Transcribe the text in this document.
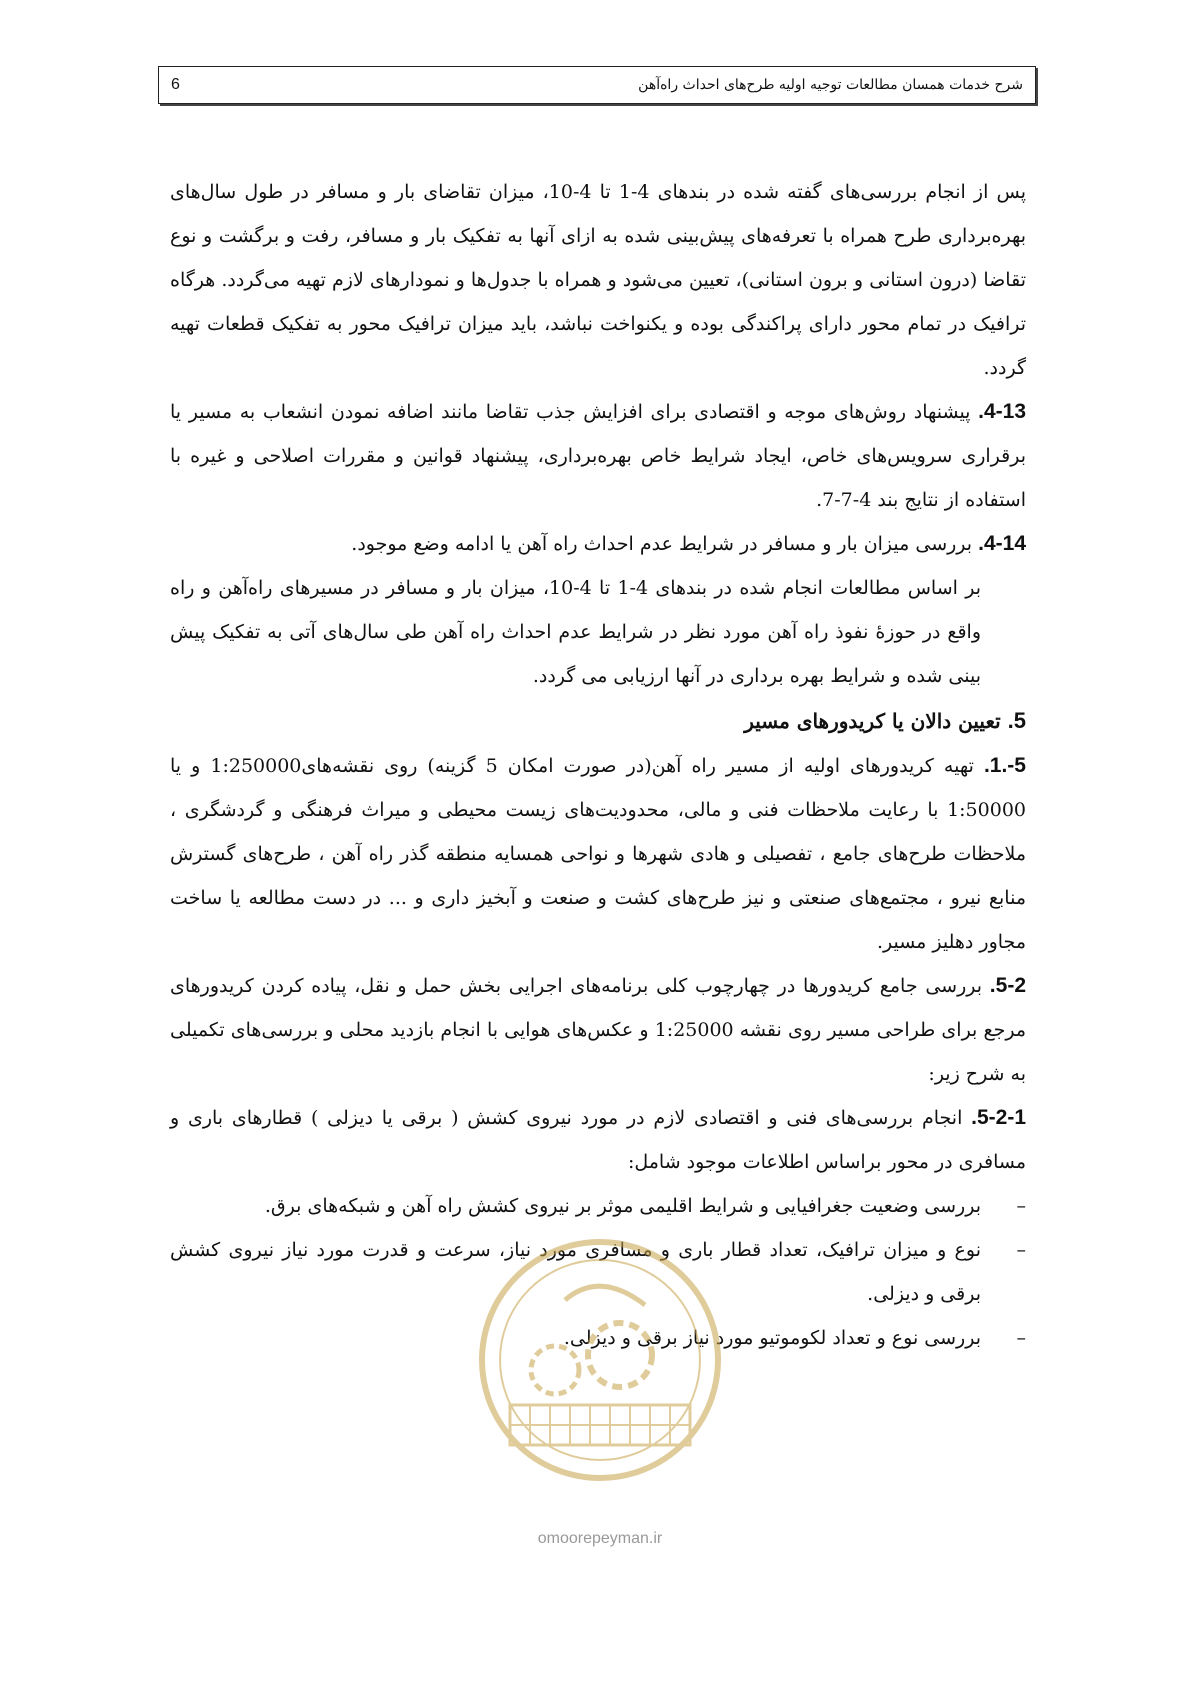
شرح خدمات همسان مطالعات توجیه اولیه طرح‌های احداث راه‌آهن
6

پس از انجام بررسی‌های گفته شده در بندهای 4-1 تا 4-10، میزان تقاضای بار و مسافر در طول سال‌های بهره‌برداری طرح همراه با تعرفه‌های پیش‌بینی شده به ازای آنها به تفکیک بار و مسافر، رفت و برگشت و نوع تقاضا (درون استانی و برون استانی)، تعیین می‌شود و همراه با جدول‌ها و نمودارهای لازم تهیه می‌گردد. هرگاه ترافیک در تمام محور دارای پراکندگی بوده و یکنواخت نباشد، باید میزان ترافیک محور به تفکیک قطعات تهیه گردد.

4-13. پیشنهاد روش‌های موجه و اقتصادی برای افزایش جذب تقاضا مانند اضافه نمودن انشعاب به مسیر یا برقراری سرویس‌های خاص، ایجاد شرایط خاص بهره‌برداری، پیشنهاد قوانین و مقررات اصلاحی و غیره با استفاده از نتایج بند 4-7-7.

4-14. بررسی میزان بار و مسافر در شرایط عدم احداث راه آهن یا ادامه وضع موجود.

بر اساس مطالعات انجام شده در بندهای 4-1 تا 4-10، میزان بار و مسافر در مسیرهای راه‌آهن و راه واقع در حوزهٔ نفوذ راه آهن مورد نظر در شرایط عدم احداث راه آهن طی سال‌های آتی به تفکیک پیش بینی شده و شرایط بهره برداری در آنها ارزیابی می گردد.

5. تعیین دالان یا کریدورهای مسیر

5-.1. تهیه کریدورهای اولیه از مسیر راه آهن(در صورت امکان 5 گزینه) روی نقشه‌های1:250000 و یا 1:50000 با رعایت ملاحظات فنی و مالی، محدودیت‌های زیست محیطی و میراث فرهنگی و گردشگری ، ملاحظات طرح‌های جامع ، تفصیلی و هادی شهرها و نواحی همسایه منطقه گذر راه آهن ، طرح‌های گسترش منابع نیرو ، مجتمع‌های صنعتی و نیز طرح‌های کشت و صنعت و آبخیز داری و ... در دست مطالعه یا ساخت مجاور دهلیز مسیر.

5-2. بررسی جامع کریدورها در چهارچوب کلی برنامه‌های اجرایی بخش حمل و نقل، پیاده کردن کریدورهای مرجع برای طراحی مسیر روی نقشه 1:25000 و عکس‌های هوایی با انجام بازدید محلی و بررسی‌های تکمیلی به شرح زیر:

5-2-1. انجام بررسی‌های فنی و اقتصادی لازم در مورد نیروی کشش ( برقی یا دیزلی ) قطارهای باری و مسافری در محور براساس اطلاعات موجود شامل:

–
بررسی وضعیت جغرافیایی و شرایط اقلیمی موثر بر نیروی کشش راه آهن و شبکه‌های برق.

–
نوع و میزان ترافیک، تعداد قطار باری و مسافری مورد نیاز، سرعت و قدرت مورد نیاز نیروی کشش برقی و دیزلی.

–
بررسی نوع و تعداد لکوموتیو مورد نیاز برقی و دیزلی.

omoorepeyman.ir
